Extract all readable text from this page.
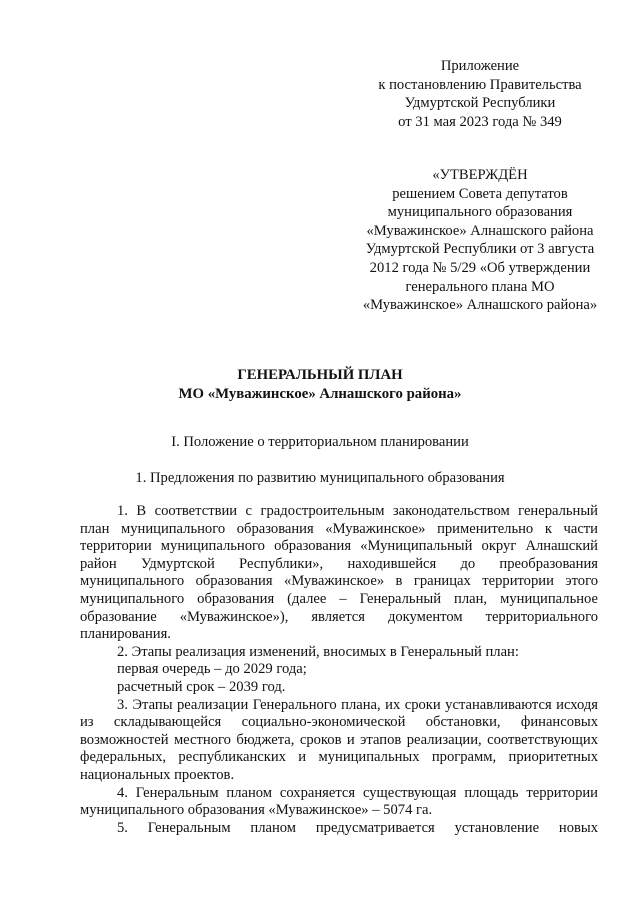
Приложение
к постановлению Правительства
Удмуртской Республики
от 31 мая 2023 года № 349
«УТВЕРЖДЁН
решением Совета депутатов
муниципального образования
«Муважинское» Алнашского района
Удмуртской Республики от 3 августа
2012 года № 5/29 «Об утверждении
генерального плана МО
«Муважинское» Алнашского района»
ГЕНЕРАЛЬНЫЙ ПЛАН
МО «Муважинское» Алнашского района»
I. Положение о территориальном планировании
1. Предложения по развитию муниципального образования

1. В соответствии с градостроительным законодательством генеральный план муниципального образования «Муважинское» применительно к части территории муниципального образования «Муниципальный округ Алнашский район Удмуртской Республики», находившейся до преобразования муниципального образования «Муважинское» в границах территории этого муниципального образования (далее – Генеральный план, муниципальное образование «Муважинское»), является документом территориального планирования.

2. Этапы реализация изменений, вносимых в Генеральный план:

первая очередь – до 2029 года;

расчетный срок – 2039 год.

3. Этапы реализации Генерального плана, их сроки устанавливаются исходя из складывающейся социально-экономической обстановки, финансовых возможностей местного бюджета, сроков и этапов реализации, соответствующих федеральных, республиканских и муниципальных программ, приоритетных национальных проектов.

4. Генеральным планом сохраняется существующая площадь территории муниципального образования «Муважинское» – 5074 га.

5. Генеральным планом предусматривается установление новых
